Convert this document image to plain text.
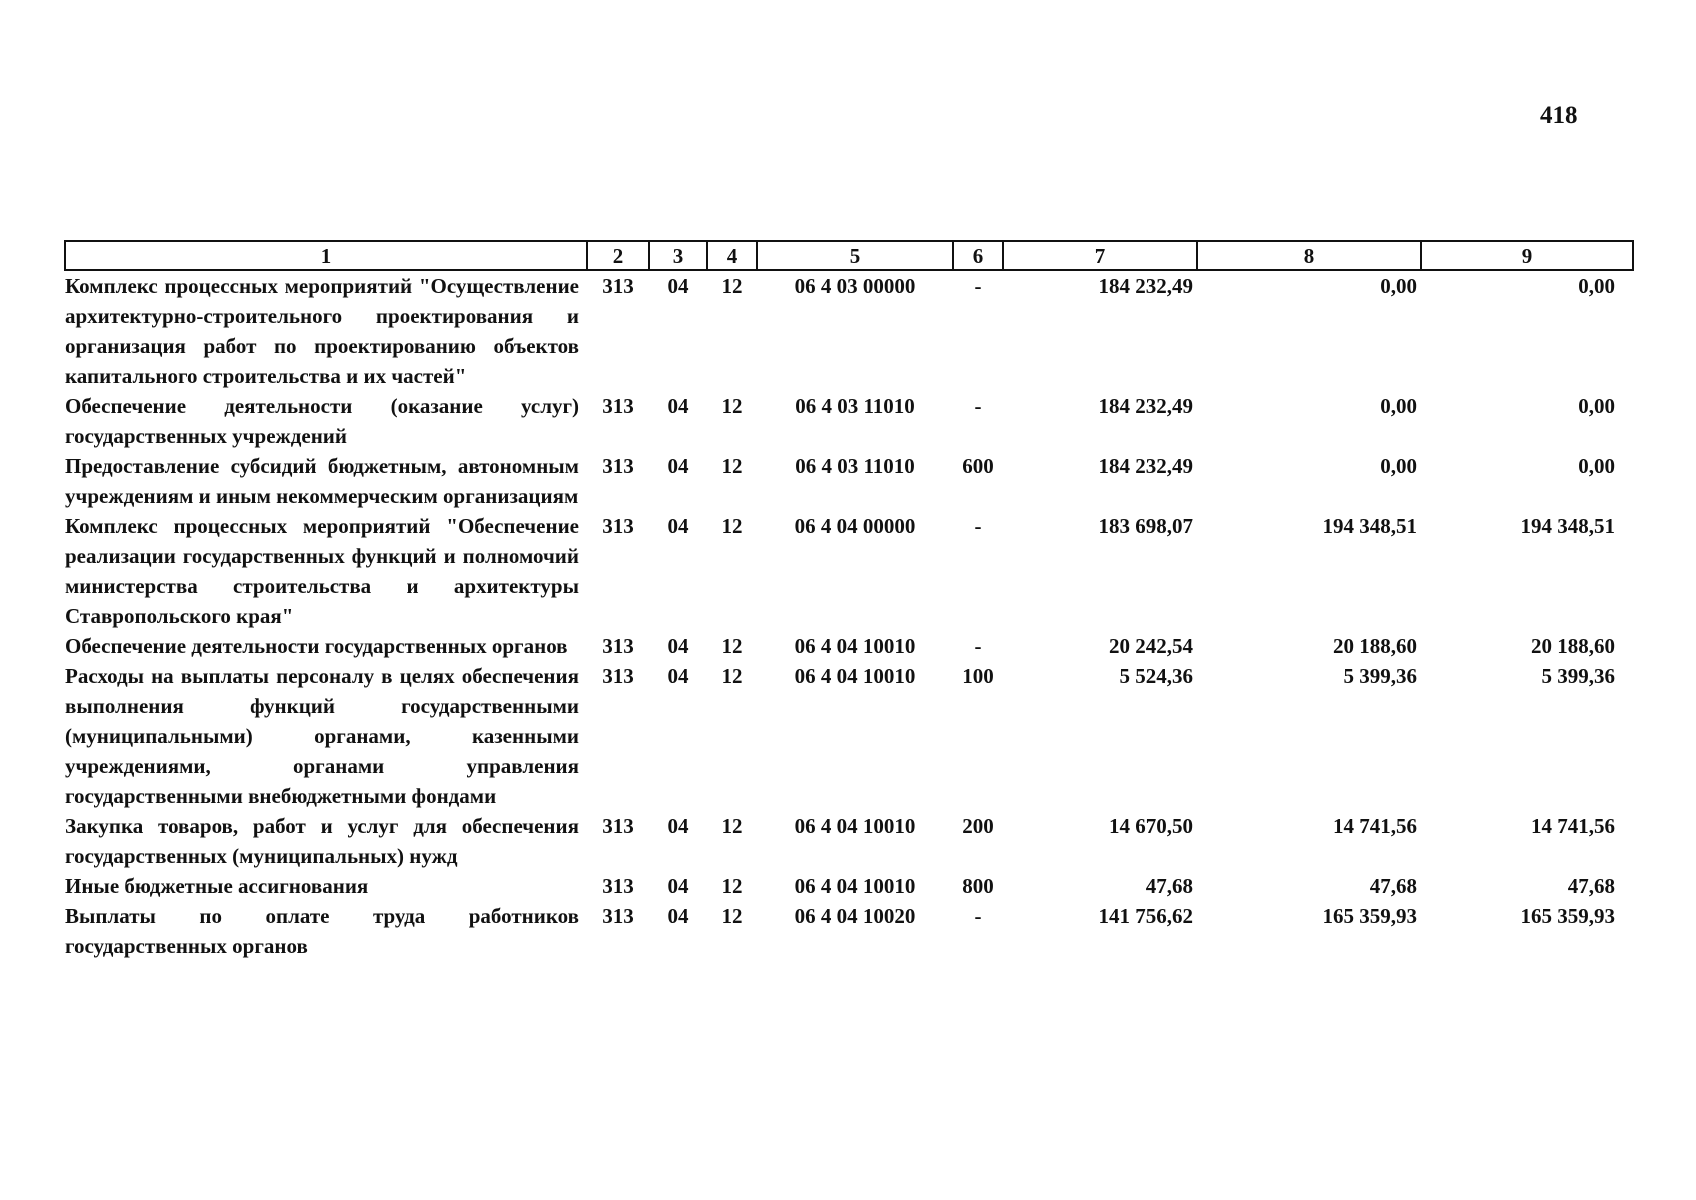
418
1	2	3	4	5	6	7	8	9
Комплекс процессных мероприятий "Осуществление архитектурно-строительного проектирования и организация работ по проектированию объектов капитального строительства и их частей"	313	04	12	06 4 03 00000	-	184 232,49	0,00	0,00
Обеспечение деятельности (оказание услуг) государственных учреждений	313	04	12	06 4 03 11010	-	184 232,49	0,00	0,00
Предоставление субсидий бюджетным, автономным учреждениям и иным некоммерческим организациям	313	04	12	06 4 03 11010	600	184 232,49	0,00	0,00
Комплекс процессных мероприятий "Обеспечение реализации государственных функций и полномочий министерства строительства и архитектуры Ставропольского края"	313	04	12	06 4 04 00000	-	183 698,07	194 348,51	194 348,51
Обеспечение деятельности государственных органов	313	04	12	06 4 04 10010	-	20 242,54	20 188,60	20 188,60
Расходы на выплаты персоналу в целях обеспечения выполнения функций государственными (муниципальными) органами, казенными учреждениями, органами управления государственными внебюджетными фондами	313	04	12	06 4 04 10010	100	5 524,36	5 399,36	5 399,36
Закупка товаров, работ и услуг для обеспечения государственных (муниципальных) нужд	313	04	12	06 4 04 10010	200	14 670,50	14 741,56	14 741,56
Иные бюджетные ассигнования	313	04	12	06 4 04 10010	800	47,68	47,68	47,68
Выплаты по оплате труда работников государственных органов	313	04	12	06 4 04 10020	-	141 756,62	165 359,93	165 359,93
